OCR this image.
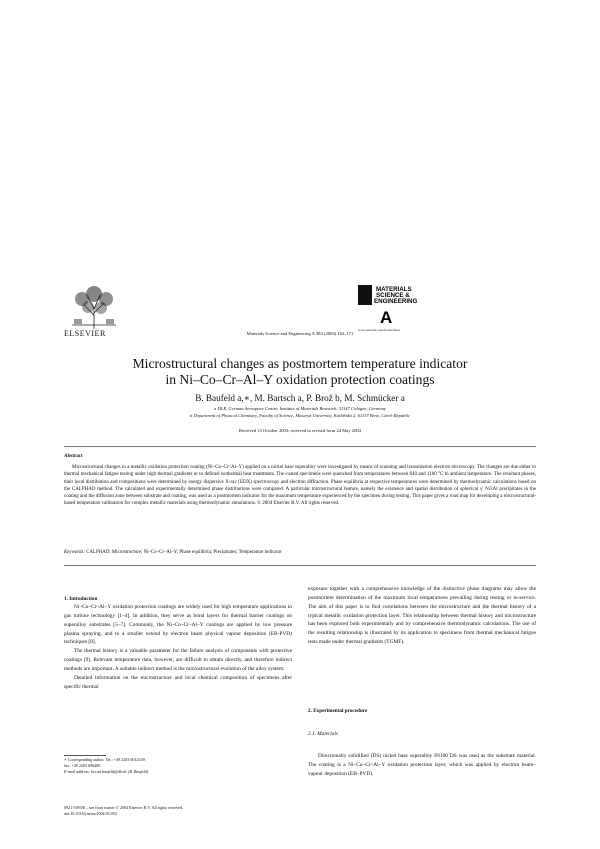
ELSEVIER	Materials Science and Engineering A 384 (2004) 162–171
MATERIALS
SCIENCE &
ENGINEERING
A
www.elsevier.com/locate/msea
Microstructural changes as postmortem temperature indicator
in Ni–Co–Cr–Al–Y oxidation protection coatings
B. Baufeld a,∗, M. Bartsch a, P. Brož b, M. Schmücker a
a DLR, German Aerospace Centre, Institute of Materials Research, 51147 Cologne, Germany
b Department of Physical Chemistry, Faculty of Science, Masaryk University, Kotlářská 2, 61137 Brno, Czech Republic
Received 13 October 2003; received in revised form 24 May 2004
Abstract
Microstructural changes in a metallic oxidation protection coating (Ni–Co–Cr–Al–Y) applied on a nickel base superalloy were investigated by means of scanning and transmission electron microscopy. The changes are due either to thermal mechanical fatigue testing under high thermal gradients or to defined isothermal heat treatments. The coated specimens were quenched from temperatures between 840 and 1100 °C to ambient temperature. The resultant phases, their local distribution and compositions were determined by energy dispersive X-ray (EDX) spectroscopy and electron diffraction. Phase equilibria at respective temperatures were determined by thermodynamic calculations based on the CALPHAD method. The calculated and experimentally determined phase distributions were compared. A particular microstructural feature, namely the existence and spatial distribution of spherical γ′ Ni3Al precipitates in the coating and the diffusion zone between substrate and coating, was used as a postmortem indicator for the maximum temperature experienced by the specimen during testing. This paper gives a road map for developing a microstructural-based temperature calibration for complex metallic materials using thermodynamic simulations. © 2004 Elsevier B.V. All rights reserved.
Keywords: CALPHAD; Microstructure; Ni–Co–Cr–Al–Y; Phase equilibria; Precipitates; Temperature indicator
1. Introduction

Ni–Co–Cr–Al–Y oxidation protection coatings are widely used for high temperature applications in gas turbine technology [1–4]. In addition, they serve as bond layers for thermal barrier coatings on superalloy substrates [5–7]. Commonly, the Ni–Co–Cr–Al–Y coatings are applied by low pressure plasma spraying, and to a smaller extend by electron beam physical vapour deposition (EB-PVD) techniques [8].

The thermal history is a valuable parameter for the failure analysis of components with protective coatings [9]. Relevant temperature data, however, are difficult to obtain directly, and therefore indirect methods are important. A suitable indirect method is the microstructural evolution of the alloy system.

Detailed information on the microstructure and local chemical composition of specimens after specific thermal

∗ Corresponding author. Tel.: +49 2203 6012439;
fax: +49 2203 696480.
E-mail address: bernd.baufeld@dlr.de (B. Baufeld).
0921-5093/$ – see front matter © 2004 Elsevier B.V. All rights reserved.
doi:10.1016/j.msea.2004.05.052

exposure together with a comprehensive knowledge of the distinctive phase diagrams may allow the postmortem determination of the maximum local temperatures prevailing during testing or in-service. The aim of this paper is to find correlations between the microstructure and the thermal history of a typical metallic oxidation protection layer. This relationship between thermal history and microstructure has been explored both experimentally and by comprehensive thermodynamic calculations. The use of the resulting relationship is illustrated by its application to specimens from thermal mechanical fatigue tests made under thermal gradients (TGMF).

2. Experimental procedure
2.1. Materials

Directionally solidified (DS) nickel base superalloy IN100 DS was used as the substrate material. The coating is a Ni–Co–Cr–Al–Y oxidation protection layer, which was applied by electron beam–vapour deposition (EB–PVD).
